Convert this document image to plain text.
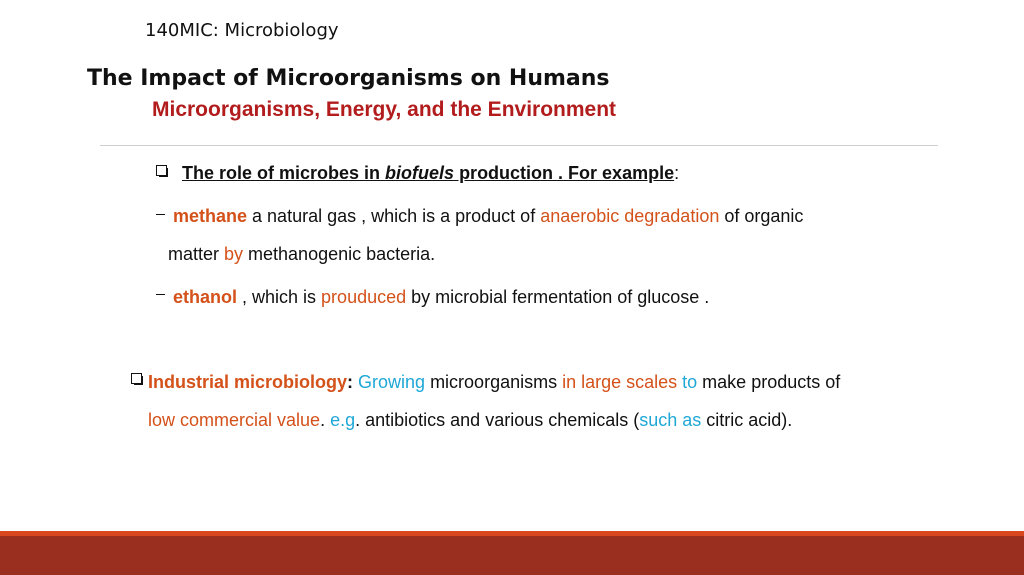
140MIC: Microbiology
The Impact of Microorganisms on Humans
Microorganisms, Energy, and the Environment
The role of microbes in biofuels production . For example:
methane a natural gas , which is a product of anaerobic degradation of organic
matter by methanogenic bacteria.
ethanol , which is prouduced by microbial fermentation of glucose .
Industrial microbiology: Growing microorganisms in large scales to make products of
low commercial value. e.g. antibiotics and various chemicals (such as citric acid).
